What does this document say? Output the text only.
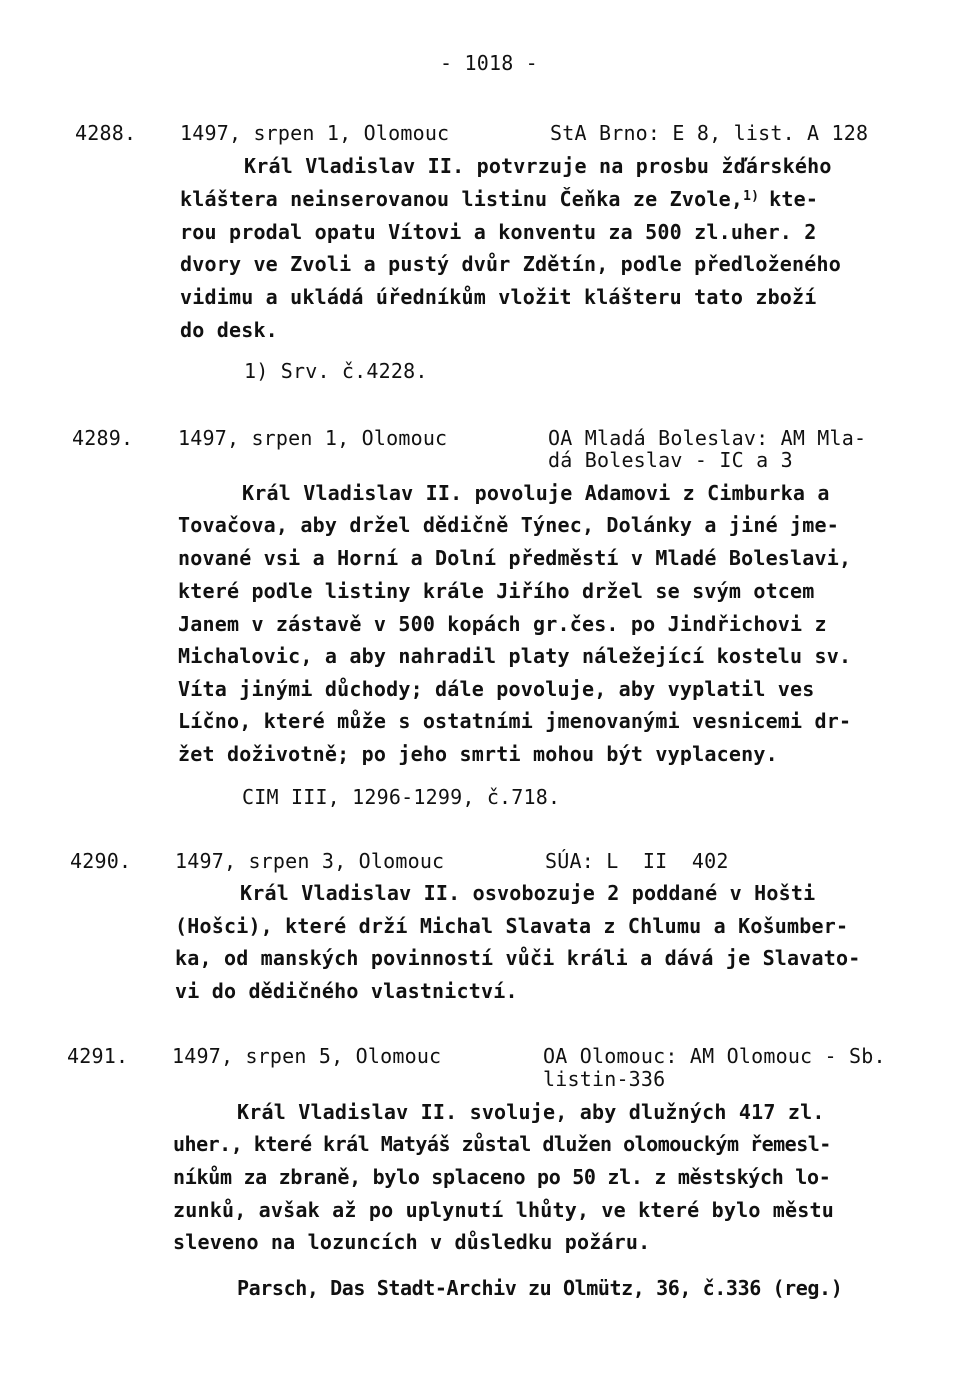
- 1018 -
4288. 1497, srpen 1, Olomouc	StA Brno: E 8, list. A 128
Král Vladislav II. potvrzuje na prosbu žďárského
kláštera neinserovanou listinu Čeňka ze Zvole,$^{1)}$ kte-
rou prodal opatu Vítovi a konventu za 500 zl.uher. 2
dvory ve Zvoli a pustý dvůr Zdětín, podle předloženého
vidimu a ukládá úředníkům vložit klášteru tato zboží
do desk.
1) Srv. č.4228.
4289. 1497, srpen 1, Olomouc	OA Mladá Boleslav: AM Mla-
dá Boleslav - IC a 3
Král Vladislav II. povoluje Adamovi z Cimburka a
Tovačova, aby držel dědičně Týnec, Dolánky a jiné jme-
nované vsi a Horní a Dolní předměstí v Mladé Boleslavi,
které podle listiny krále Jiřího držel se svým otcem
Janem v zástavě v 500 kopách gr.čes. po Jindřichovi z
Michalovic, a aby nahradil platy náležející kostelu sv.
Víta jinými důchody; dále povoluje, aby vyplatil ves
Líčno, které může s ostatními jmenovanými vesnicemi dr-
žet doživotně; po jeho smrti mohou být vyplaceny.
CIM III, 1296-1299, č.718.
4290. 1497, srpen 3, Olomouc	SÚA: L  II  402
Král Vladislav II. osvobozuje 2 poddané v Hošti
(Hošci), které drží Michal Slavata z Chlumu a Košumber-
ka, od manských povinností vůči králi a dává je Slavato-
vi do dědičného vlastnictví.
4291. 1497, srpen 5, Olomouc	OA Olomouc: AM Olomouc - Sb.
listin-336
Král Vladislav II. svoluje, aby dlužných 417 zl.
uher., které král Matyáš zůstal dlužen olomouckým řemesl-
níkům za zbraně, bylo splaceno po 50 zl. z městských lo-
zunků, avšak až po uplynutí lhůty, ve které bylo městu
sleveno na lozuncích v důsledku požáru.
Parsch, Das Stadt-Archiv zu Olmütz, 36, č.336 (reg.)
